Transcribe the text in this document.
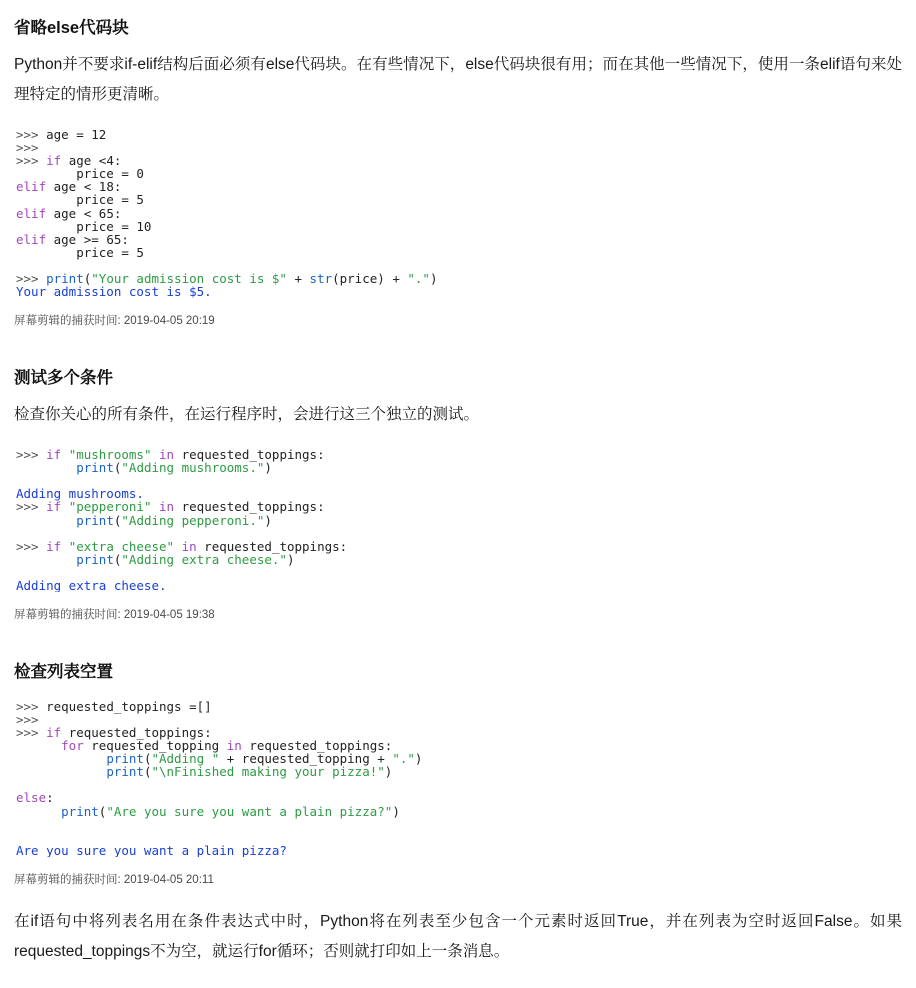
省略else代码块

Python并不要求if-elif结构后面必须有else代码块。在有些情况下，else代码块很有用；而在其他一些情况下，使用一条elif语句来处理特定的情形更清晰。

>>> age = 12
>>>
>>> if age <4:
price = 0
elif age < 18:
price = 5
elif age < 65:
price = 10
elif age >= 65:
price = 5
>>> print("Your admission cost is $" + str(price) + ".")
Your admission cost is $5.
屏幕剪辑的捕获时间: 2019-04-05 20:19
测试多个条件

检查你关心的所有条件，在运行程序时，会进行这三个独立的测试。

>>> if "mushrooms" in requested_toppings:
print("Adding mushrooms.")
Adding mushrooms.
>>> if "pepperoni" in requested_toppings:
print("Adding pepperoni.")
>>> if "extra cheese" in requested_toppings:
print("Adding extra cheese.")
Adding extra cheese.
屏幕剪辑的捕获时间: 2019-04-05 19:38
检查列表空置
>>> requested_toppings =[]
>>>
>>> if requested_toppings:
for requested_topping in requested_toppings:
print("Adding " + requested_topping + ".")
print("\nFinished making your pizza!")
else:
print("Are you sure you want a plain pizza?")
Are you sure you want a plain pizza?
屏幕剪辑的捕获时间: 2019-04-05 20:11

在if语句中将列表名用在条件表达式中时，Python将在列表至少包含一个元素时返回True，并在列表为空时返回False。如果requested_toppings不为空，就运行for循环；否则就打印如上一条消息。
